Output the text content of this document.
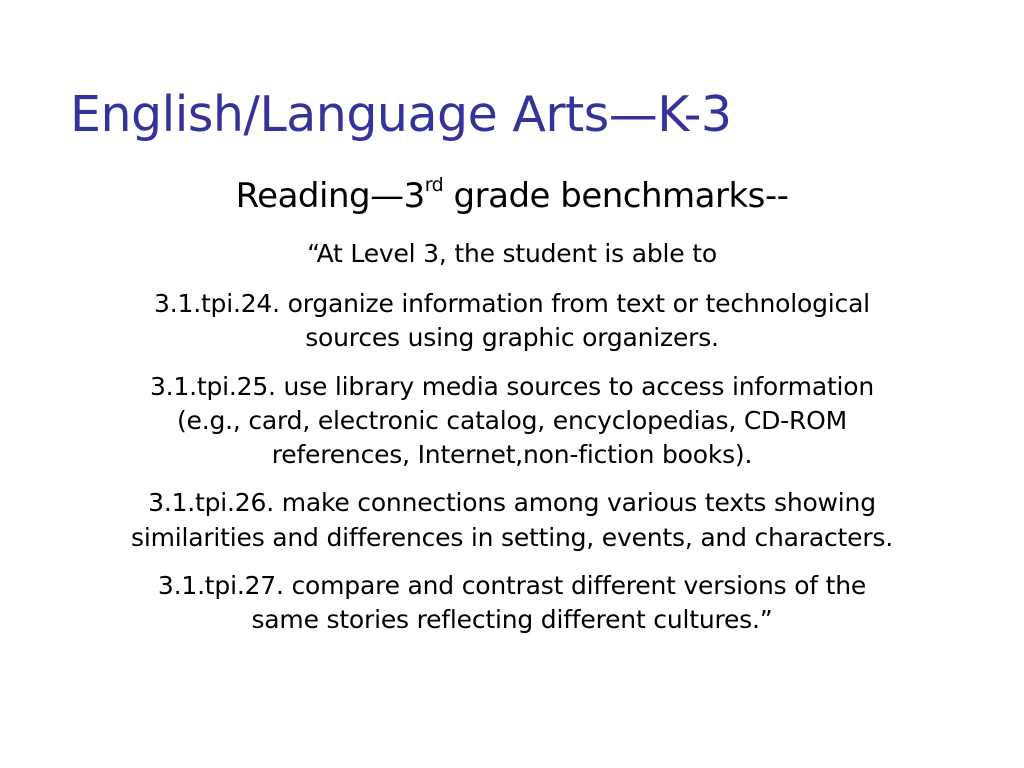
English/Language Arts—K-3

Reading—3rd grade benchmarks--

“At Level 3, the student is able to

3.1.tpi.24. organize information from text or technological
sources using graphic organizers.

3.1.tpi.25. use library media sources to access information
(e.g., card, electronic catalog, encyclopedias, CD-ROM
references, Internet,non-fiction books).

3.1.tpi.26. make connections among various texts showing
similarities and differences in setting, events, and characters.

3.1.tpi.27. compare and contrast different versions of the
same stories reflecting different cultures.”
